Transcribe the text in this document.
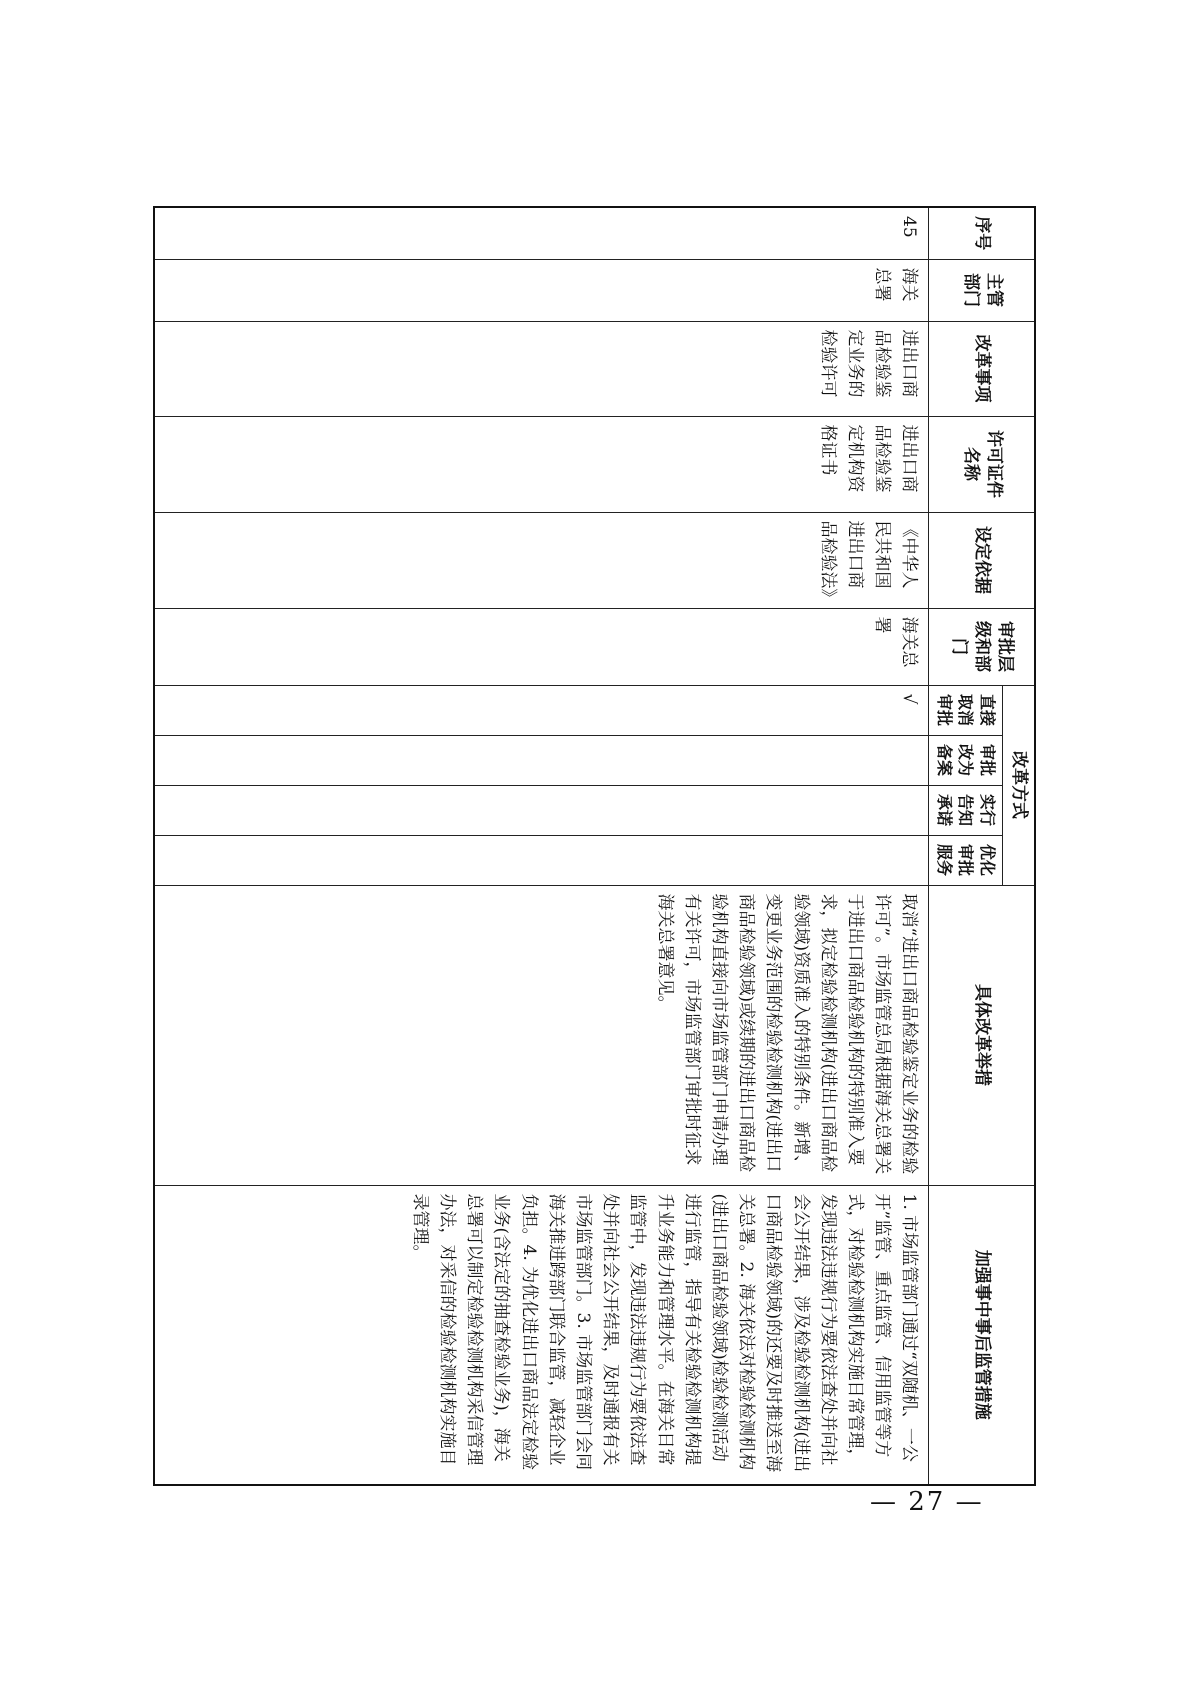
序号	主管部门	改革事项	许可证件名称	设定依据	审批层级和部门	改革方式				具体改革举措	加强事中事后监管措施
						直接取消审批	审批改为备案	实行告知承诺	优化审批服务		
45	海关总署	进出口商品检验鉴定业务的检验许可	进出口商品检验鉴定机构资格证书	《中华人民共和国进出口商品检验法》	海关总署	√				取消“进出口商品检验鉴定业务的检验许可”。市场监管总局根据海关总署关于进出口商品检验机构的特别准入要求，拟定检验检测机构(进出口商品检验领域)资质准入的特别条件。新增、变更业务范围的检验检测机构(进出口商品检验领域)或续期的进出口商品检验机构直接向市场监管部门申请办理有关许可，市场监管部门审批时征求海关总署意见。	1. 市场监管部门通过“双随机、一公开”监管、重点监管、信用监管等方式，对检验检测机构实施日常管理，发现违法违规行为要依法查处并向社会公开结果，涉及检验检测机构(进出口商品检验领域)的还要及时推送至海关总署。2. 海关依法对检验检测机构(进出口商品检验领域)检验检测活动进行监管，指导有关检验检测机构提升业务能力和管理水平。在海关日常监管中，发现违法违规行为要依法查处并向社会公开结果，及时通报有关市场监管部门。3. 市场监管部门会同海关推进跨部门联合监管，减轻企业负担。4. 为优化进出口商品法定检验业务(含法定的抽查检验业务)，海关总署可以制定检验检测机构采信管理办法，对采信的检验检测机构实施目录管理。
— 27 —
